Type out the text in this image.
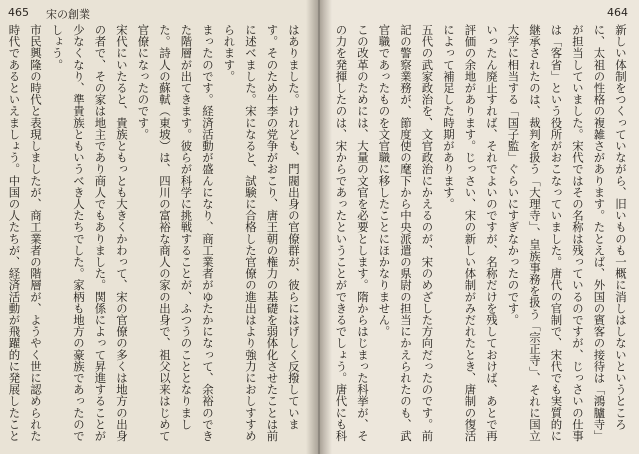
465 宋の創業

はありました。けれども、門閥出身の官僚群が、彼らにはげしく反撥しています。そのため牛李の党争がおこり、唐王朝の権力の基礎を弱体化させたことは前に述べました。宋になると、試験に合格した官僚の進出はより強力におしすすめられます。

まったのです。経済活動が盛んになり、商工業者がゆたかになって、余裕のできた階層が出てきます。彼らが科学に挑戦することが、ふつうのこととなりました。詩人の蘇軾（東坡）は、四川の富裕な商人の家の出身で、祖父以来はじめて官僚になったのです。

宋代にいたると、貴族ともっとも大きくかわって、宋の官僚の多くは地方の出身の者で、その家は地主であり商人でもありました。関係によって昇進することが少なくなり、準貴族ともいうべき人たちでした。家柄も地方の豪族であったのでしょう。

市民興隆の時代と表現しましたが、商工業者の階層が、ようやく世に認められた時代であるといえましょう。中国の人たちが、経済活動が飛躍的に発展したこと

464

新しい体制をつくっていながら、旧いものも一概に消しはしないというところに、太祖の性格の複雑さがあります。たとえば、外国の賓客の接待は「鴻臚寺」が担当していました。宋代ではその名称は残っているのですが、じっさいの仕事は「客省」という役所がおこなっていました。唐代の官制で、宋代でも実質的に継承されたのは、裁判を扱う「大理寺」、皇族事務を扱う「宗正寺」、それに国立大学に相当する「国子監」ぐらいにすぎなかったのです。

いったん廃止すれば、それでよいのですが、名称だけを残しておけば、あとで再評価の余地があります。じっさい、宋の新しい体制がみだれたとき、唐制の復活によって補足した時期があります。

五代の武家政治を、文官政治にかえるのが、宋のめざした方向だったのです。前記の警察業務が、節度使の麾下から中央派遣の県尉の担当にかえられたのも、武官職であったものを文官職に移したことにほかなりません。

この改革のためには、大量の文官を必要とします。隋からはじまった科挙が、その力を発揮したのは、宋からであったということができるでしょう。唐代にも科
